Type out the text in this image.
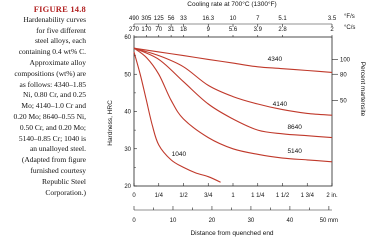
FIGURE 14.8
Hardenability curves
for five different
steel alloys, each
containing 0.4 wt% C.
Approximate alloy
compositions (wt%) are
as follows: 4340–1.85
Ni, 0.80 Cr, and 0.25
Mo; 4140–1.0 Cr and
0.20 Mo; 8640–0.55 Ni,
0.50 Cr, and 0.20 Mo;
5140–0.85 Cr; 1040 is
an unalloyed steel.
(Adapted from figure
furnished courtesy
Republic Steel
Corporation.)
Cooling rate at 700°C (1300°F)
°F/s
°C/s
Hardness, HRC
Percent martensite
Distance from quenched end
490 305 125 56 33	16.3	10	7	5.1	3.5
270 170 70 31 18	9	5.6	3.9	2.8	2
20
30
40
50
60
100
80
50
0	1/4	1/2	3/4	1	1 1/4 1 1/2 1 3/4 2 in.
0	10	20	30	40	50 mm
4340
4140
8640
5140
1040
